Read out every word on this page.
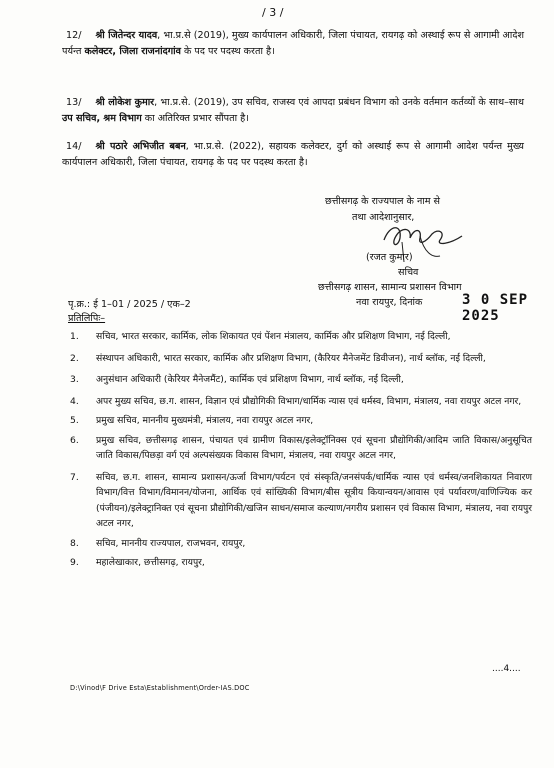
/ 3 /
12/ श्री जितेन्दर यादव, भा.प्र.से (2019), मुख्य कार्यपालन अधिकारी, जिला पंचायत, रायगढ़ को अस्थाई रूप से आगामी आदेश पर्यन्त कलेक्टर, जिला राजनांदगांव के पद पर पदस्थ करता है।
13/ श्री लोकेश कुमार, भा.प्र.से. (2019), उप सचिव, राजस्व एवं आपदा प्रबंधन विभाग को उनके वर्तमान कर्तव्यों के साथ–साथ उप सचिव, श्रम विभाग का अतिरिक्त प्रभार सौंपता है।
14/ श्री पठारे अभिजीत बबन, भा.प्र.से. (2022), सहायक कलेक्टर, दुर्ग को अस्थाई रूप से आगामी आदेश पर्यन्त मुख्य कार्यपालन अधिकारी, जिला पंचायत, रायगढ़ के पद पर पदस्थ करता है।
छत्तीसगढ़ के राज्यपाल के नाम से
तथा आदेशानुसार,
(रजत कुमार)
सचिव
छत्तीसगढ़ शासन, सामान्य प्रशासन विभाग
नवा रायपुर, दिनांक	3 0 SEP 2025
पृ.क्र.: ई 1–01 / 2025 / एक–2
प्रतिलिपिः–
1. सचिव, भारत सरकार, कार्मिक, लोक शिकायत एवं पेंशन मंत्रालय, कार्मिक और प्रशिक्षण विभाग, नई दिल्ली,
2. संस्थापन अधिकारी, भारत सरकार, कार्मिक और प्रशिक्षण विभाग, (कैरियर मैनेजमेंट डिवीजन), नार्थ ब्लॉक, नई दिल्ली,
3. अनुसंधान अधिकारी (केरियर मैनेजमैंट), कार्मिक एवं प्रशिक्षण विभाग, नार्थ ब्लॉक, नई दिल्ली,
4. अपर मुख्य सचिव, छ.ग. शासन, विज्ञान एवं प्रौद्योगिकी विभाग/धार्मिक न्यास एवं धर्मस्व, विभाग, मंत्रालय, नवा रायपुर अटल नगर,
5. प्रमुख सचिव, माननीय मुख्यमंत्री, मंत्रालय, नवा रायपुर अटल नगर,
6. प्रमुख सचिव, छत्तीसगढ़ शासन, पंचायत एवं ग्रामीण विकास/इलेक्ट्रॉनिक्स एवं सूचना प्रौद्योगिकी/आदिम जाति विकास/अनुसूचित जाति विकास/पिछड़ा वर्ग एवं अल्पसंख्यक विकास विभाग, मंत्रालय, नवा रायपुर अटल नगर,
7. सचिव, छ.ग. शासन, सामान्य प्रशासन/ऊर्जा विभाग/पर्यटन एवं संस्कृति/जनसंपर्क/धार्मिक न्यास एवं धर्मस्व/जनशिकायत निवारण विभाग/वित्त विभाग/विमानन/योजना, आर्थिक एवं सांख्यिकी विभाग/बीस सूत्रीय कियान्वयन/आवास एवं पर्यावरण/वाणिज्यिक कर (पंजीयन)/इलेक्ट्रानिक्त एवं सूचना प्रौद्योगिकी/खजिन साधन/समाज कल्याण/नगरीय प्रशासन एवं विकास विभाग, मंत्रालय, नवा रायपुर अटल नगर,
8. सचिव, माननीय राज्यपाल, राजभवन, रायपुर,
9. महालेखाकार, छत्तीसगढ़, रायपुर,
....4....
D:\Vinod\F Drive Esta\Establishment\Order-IAS.DOC
